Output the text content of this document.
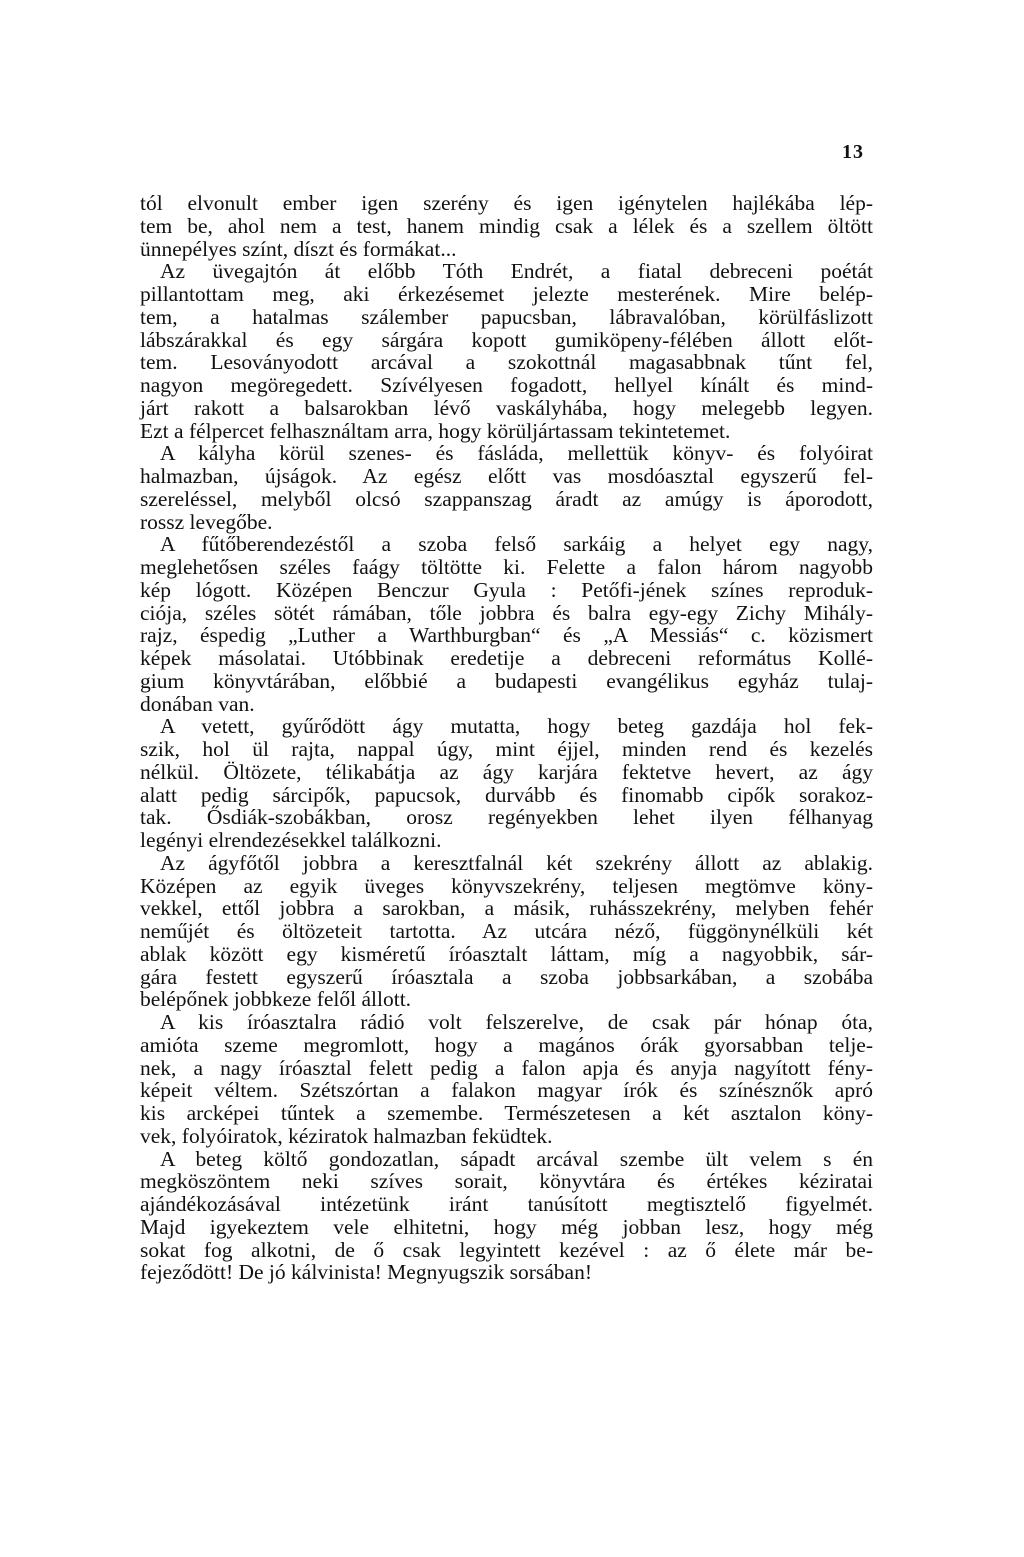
13
tól elvonult ember igen szerény és igen igénytelen hajlékába lép-
tem be, ahol nem a test, hanem mindig csak a lélek és a szellem öltött
ünnepélyes színt, díszt és formákat...
Az üvegajtón át előbb Tóth Endrét, a fiatal debreceni poétát
pillantottam meg, aki érkezésemet jelezte mesterének. Mire belép-
tem, a hatalmas szálember papucsban, lábravalóban, körülfáslizott
lábszárakkal és egy sárgára kopott gumiköpeny-félében állott előt-
tem. Lesoványodott arcával a szokottnál magasabbnak tűnt fel,
nagyon megöregedett. Szívélyesen fogadott, hellyel kínált és mind-
járt rakott a balsarokban lévő vaskályhába, hogy melegebb legyen.
Ezt a félpercet felhasználtam arra, hogy körüljártassam tekintetemet.
A kályha körül szenes- és fásláda, mellettük könyv- és folyóirat
halmazban, újságok. Az egész előtt vas mosdóasztal egyszerű fel-
szereléssel, melyből olcsó szappanszag áradt az amúgy is áporodott,
rossz levegőbe.
A fűtőberendezéstől a szoba felső sarkáig a helyet egy nagy,
meglehetősen széles faágy töltötte ki. Felette a falon három nagyobb
kép lógott. Középen Benczur Gyula : Petőfi-jének színes reproduk-
ciója, széles sötét rámában, tőle jobbra és balra egy-egy Zichy Mihály-
rajz, éspedig „Luther a Warthburgban“ és „A Messiás“ c. közismert
képek másolatai. Utóbbinak eredetije a debreceni református Kollé-
gium könyvtárában, előbbié a budapesti evangélikus egyház tulaj-
donában van.
A vetett, gyűrődött ágy mutatta, hogy beteg gazdája hol fek-
szik, hol ül rajta, nappal úgy, mint éjjel, minden rend és kezelés
nélkül. Öltözete, télikabátja az ágy karjára fektetve hevert, az ágy
alatt pedig sárcipők, papucsok, durvább és finomabb cipők sorakoz-
tak. Ősdiák-szobákban, orosz regényekben lehet ilyen félhanyag
legényi elrendezésekkel találkozni.
Az ágyfőtől jobbra a keresztfalnál két szekrény állott az ablakig.
Középen az egyik üveges könyvszekrény, teljesen megtömve köny-
vekkel, ettől jobbra a sarokban, a másik, ruhásszekrény, melyben fehér
neműjét és öltözeteit tartotta. Az utcára néző, függönynélküli két
ablak között egy kisméretű íróasztalt láttam, míg a nagyobbik, sár-
gára festett egyszerű íróasztala a szoba jobbsarkában, a szobába
belépőnek jobbkeze felől állott.
A kis íróasztalra rádió volt felszerelve, de csak pár hónap óta,
amióta szeme megromlott, hogy a magános órák gyorsabban telje-
nek, a nagy íróasztal felett pedig a falon apja és anyja nagyított fény-
képeit véltem. Szétszórtan a falakon magyar írók és színésznők apró
kis arcképei tűntek a szemembe. Természetesen a két asztalon köny-
vek, folyóiratok, kéziratok halmazban feküdtek.
A beteg költő gondozatlan, sápadt arcával szembe ült velem s én
megköszöntem neki szíves sorait, könyvtára és értékes kéziratai
ajándékozásával intézetünk iránt tanúsított megtisztelő figyelmét.
Majd igyekeztem vele elhitetni, hogy még jobban lesz, hogy még
sokat fog alkotni, de ő csak legyintett kezével : az ő élete már be-
fejeződött! De jó kálvinista! Megnyugszik sorsában!
